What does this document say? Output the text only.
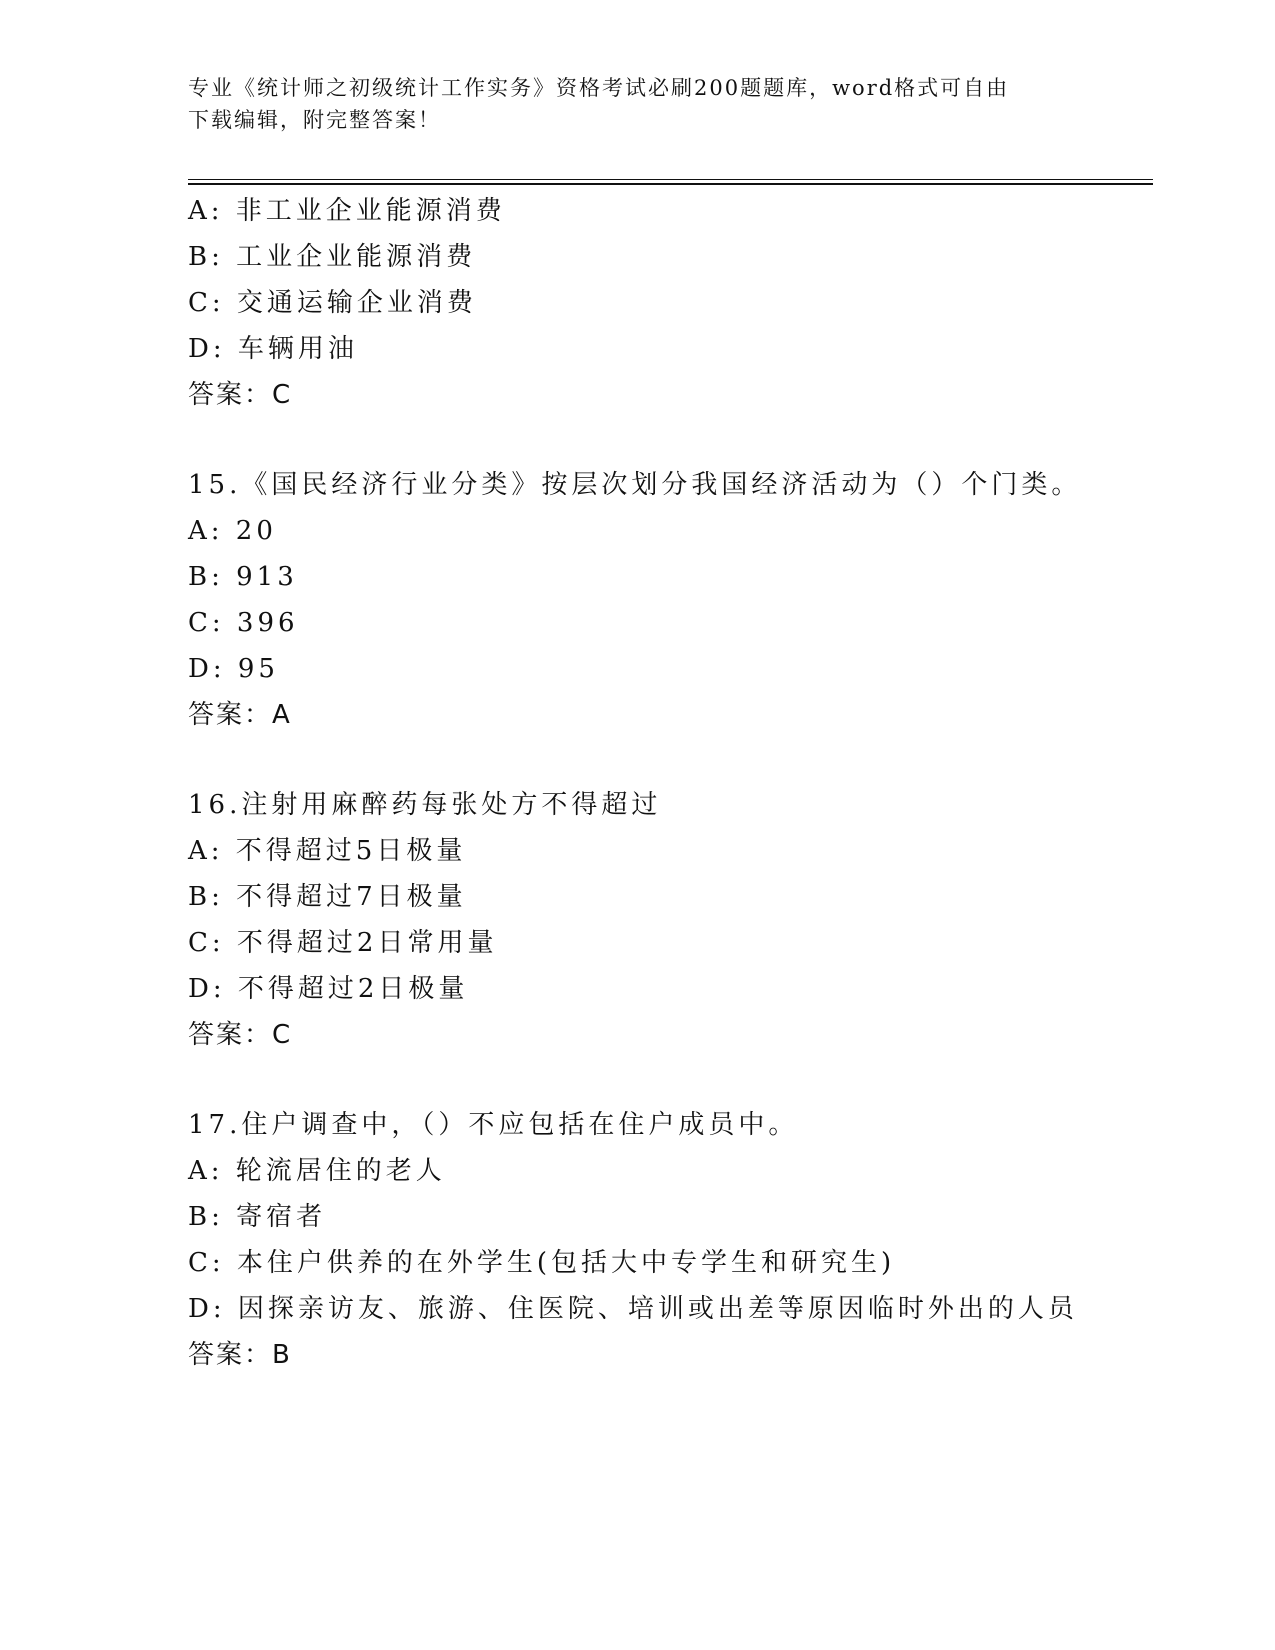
专业《统计师之初级统计工作实务》资格考试必刷200题题库，word格式可自由
下载编辑，附完整答案！
A: 非工业企业能源消费
B: 工业企业能源消费
C: 交通运输企业消费
D: 车辆用油
答案：C
15.《国民经济行业分类》按层次划分我国经济活动为（）个门类。
A: 20
B: 913
C: 396
D: 95
答案：A
16.注射用麻醉药每张处方不得超过
A: 不得超过5日极量
B: 不得超过7日极量
C: 不得超过2日常用量
D: 不得超过2日极量
答案：C
17.住户调查中，（）不应包括在住户成员中。
A: 轮流居住的老人
B: 寄宿者
C: 本住户供养的在外学生(包括大中专学生和研究生)
D: 因探亲访友、旅游、住医院、培训或出差等原因临时外出的人员
答案：B
